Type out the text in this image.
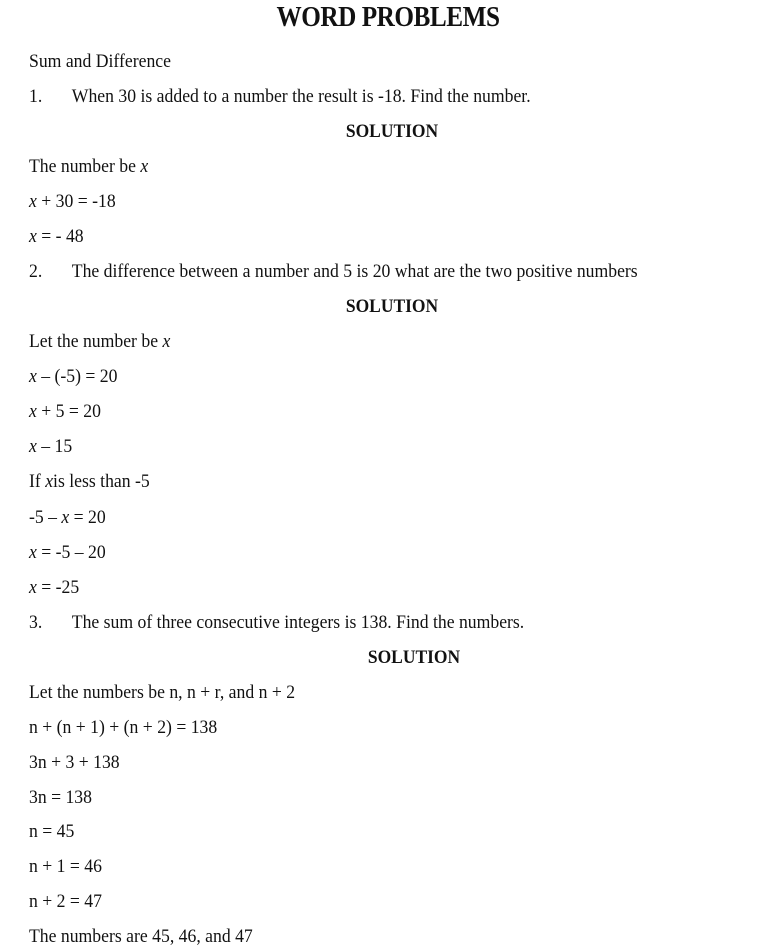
WORD PROBLEMS
Sum and Difference
1. When 30 is added to a number the result is -18. Find the number.
SOLUTION
The number be x
x + 30 = -18
x = - 48
2. The difference between a number and 5 is 20 what are the two positive numbers
SOLUTION
Let the number be x
x – (-5) = 20
x + 5 = 20
x – 15
If xis less than -5
-5 – x = 20
x = -5 – 20
x = -25
3. The sum of three consecutive integers is 138. Find the numbers.
SOLUTION
Let the numbers be n, n + r, and n + 2
n + (n + 1) + (n + 2) = 138
3n + 3 + 138
3n = 138
n = 45
n + 1 = 46
n + 2 = 47
The numbers are 45, 46, and 47
